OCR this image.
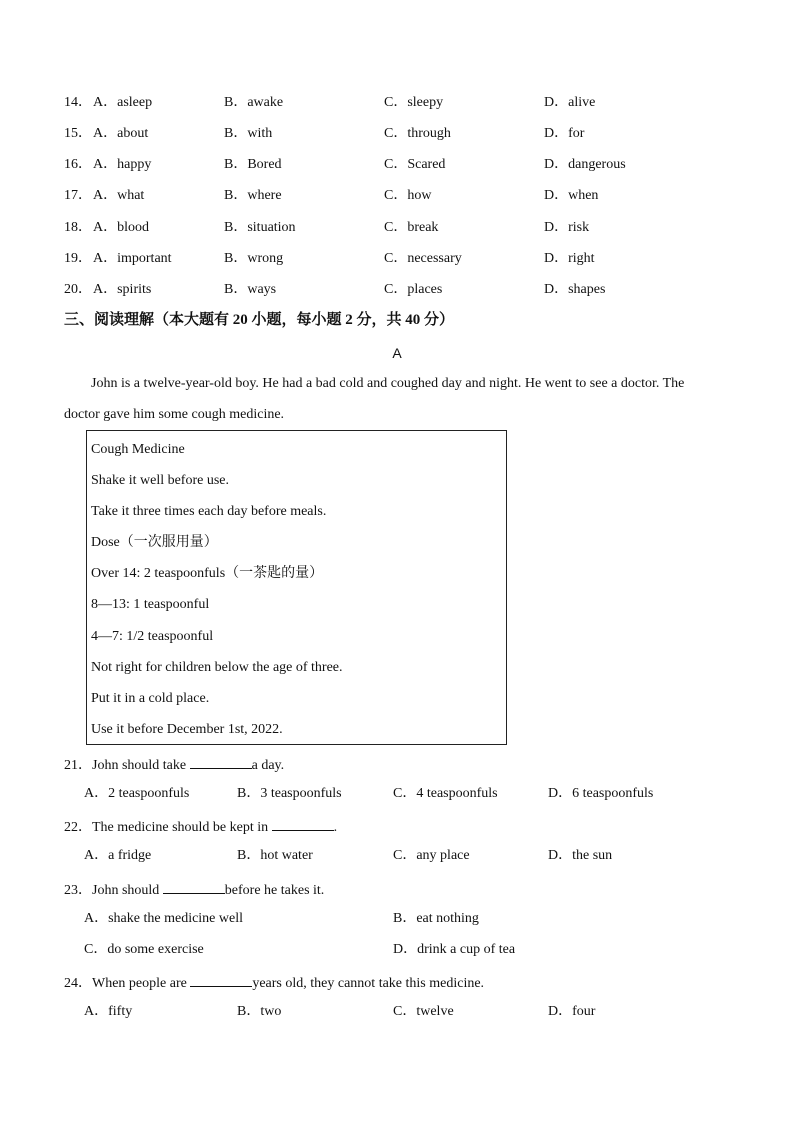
14． A．asleep	B．awake	C．sleepy	D．alive
15． A．about	B．with	C．through	D．for
16． A．happy	B．Bored	C．Scared	D．dangerous
17． A．what	B．where	C．how	D．when
18． A．blood	B．situation	C．break	D．risk
19． A．important	B．wrong	C．necessary	D．right
20． A．spirits	B．ways	C．places	D．shapes
三、阅读理解（本大题有 20 小题，每小题 2 分，共 40 分）
A
John is a twelve-year-old boy. He had a bad cold and coughed day and night. He went to see a doctor. The
doctor gave him some cough medicine.
Cough Medicine
Shake it well before use.
Take it three times each day before meals.
Dose（一次服用量）
Over 14: 2 teaspoonfuls（一茶匙的量）
8—13: 1 teaspoonful
4—7: 1/2 teaspoonful
Not right for children below the age of three.
Put it in a cold place.
Use it before December 1st, 2022.
21．John should take	a day.
A．2 teaspoonfuls	B．3 teaspoonfuls	C．4 teaspoonfuls	D．6 teaspoonfuls
22．The medicine should be kept in	.
A．a fridge	B．hot water	C．any place	D．the sun
23．John should	before he takes it.
A．shake the medicine well	B．eat nothing
C．do some exercise	D．drink a cup of tea
24．When people are	years old, they cannot take this medicine.
A．fifty	B．two	C．twelve	D．four
